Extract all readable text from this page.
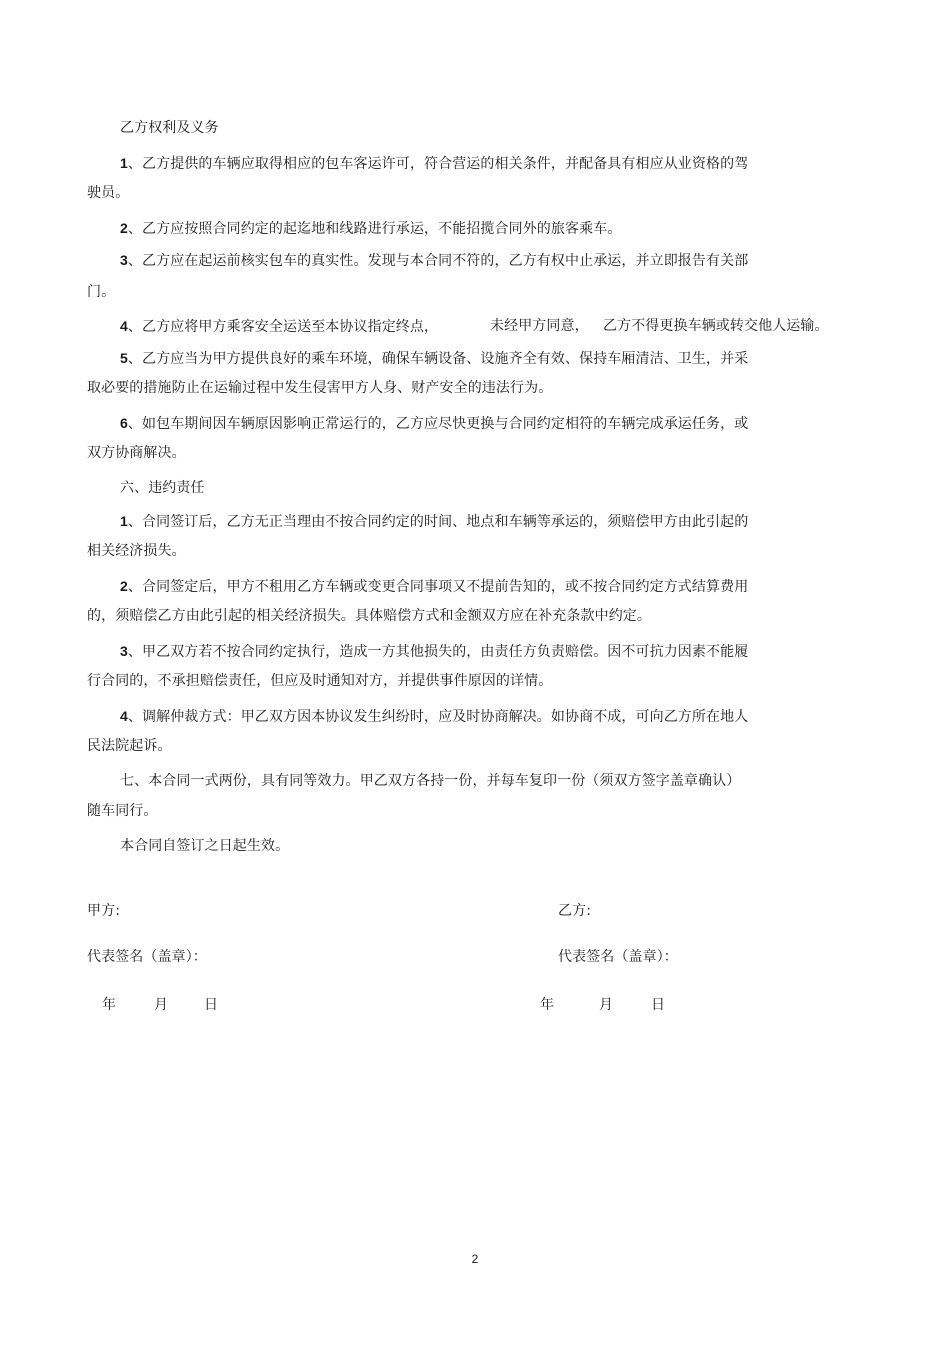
乙方权利及义务
1、乙方提供的车辆应取得相应的包车客运许可，符合营运的相关条件，并配备具有相应从业资格的驾
驶员。
2、乙方应按照合同约定的起迄地和线路进行承运，不能招揽合同外的旅客乘车。
3、乙方应在起运前核实包车的真实性。发现与本合同不符的，乙方有权中止承运，并立即报告有关部
门。
4、乙方应将甲方乘客安全运送至本协议指定终点，	未经甲方同意， 乙方不得更换车辆或转交他人运输。
5、乙方应当为甲方提供良好的乘车环境，确保车辆设备、设施齐全有效、保持车厢清洁、卫生，并采
取必要的措施防止在运输过程中发生侵害甲方人身、财产安全的违法行为。
6、如包车期间因车辆原因影响正常运行的，乙方应尽快更换与合同约定相符的车辆完成承运任务，或
双方协商解决。
六、违约责任
1、合同签订后，乙方无正当理由不按合同约定的时间、地点和车辆等承运的，须赔偿甲方由此引起的
相关经济损失。
2、合同签定后，甲方不租用乙方车辆或变更合同事项又不提前告知的，或不按合同约定方式结算费用
的，须赔偿乙方由此引起的相关经济损失。具体赔偿方式和金额双方应在补充条款中约定。
3、甲乙双方若不按合同约定执行，造成一方其他损失的，由责任方负责赔偿。因不可抗力因素不能履
行合同的，不承担赔偿责任，但应及时通知对方，并提供事件原因的详情。
4、调解仲裁方式：甲乙双方因本协议发生纠纷时，应及时协商解决。如协商不成，可向乙方所在地人
民法院起诉。
七、本合同一式两份，具有同等效力。甲乙双方各持一份，并每车复印一份（须双方签字盖章确认）
随车同行。
本合同自签订之日起生效。
甲方:	乙方:
代表签名（盖章）：	代表签名（盖章）：
年	月	日	年	月	日
2
